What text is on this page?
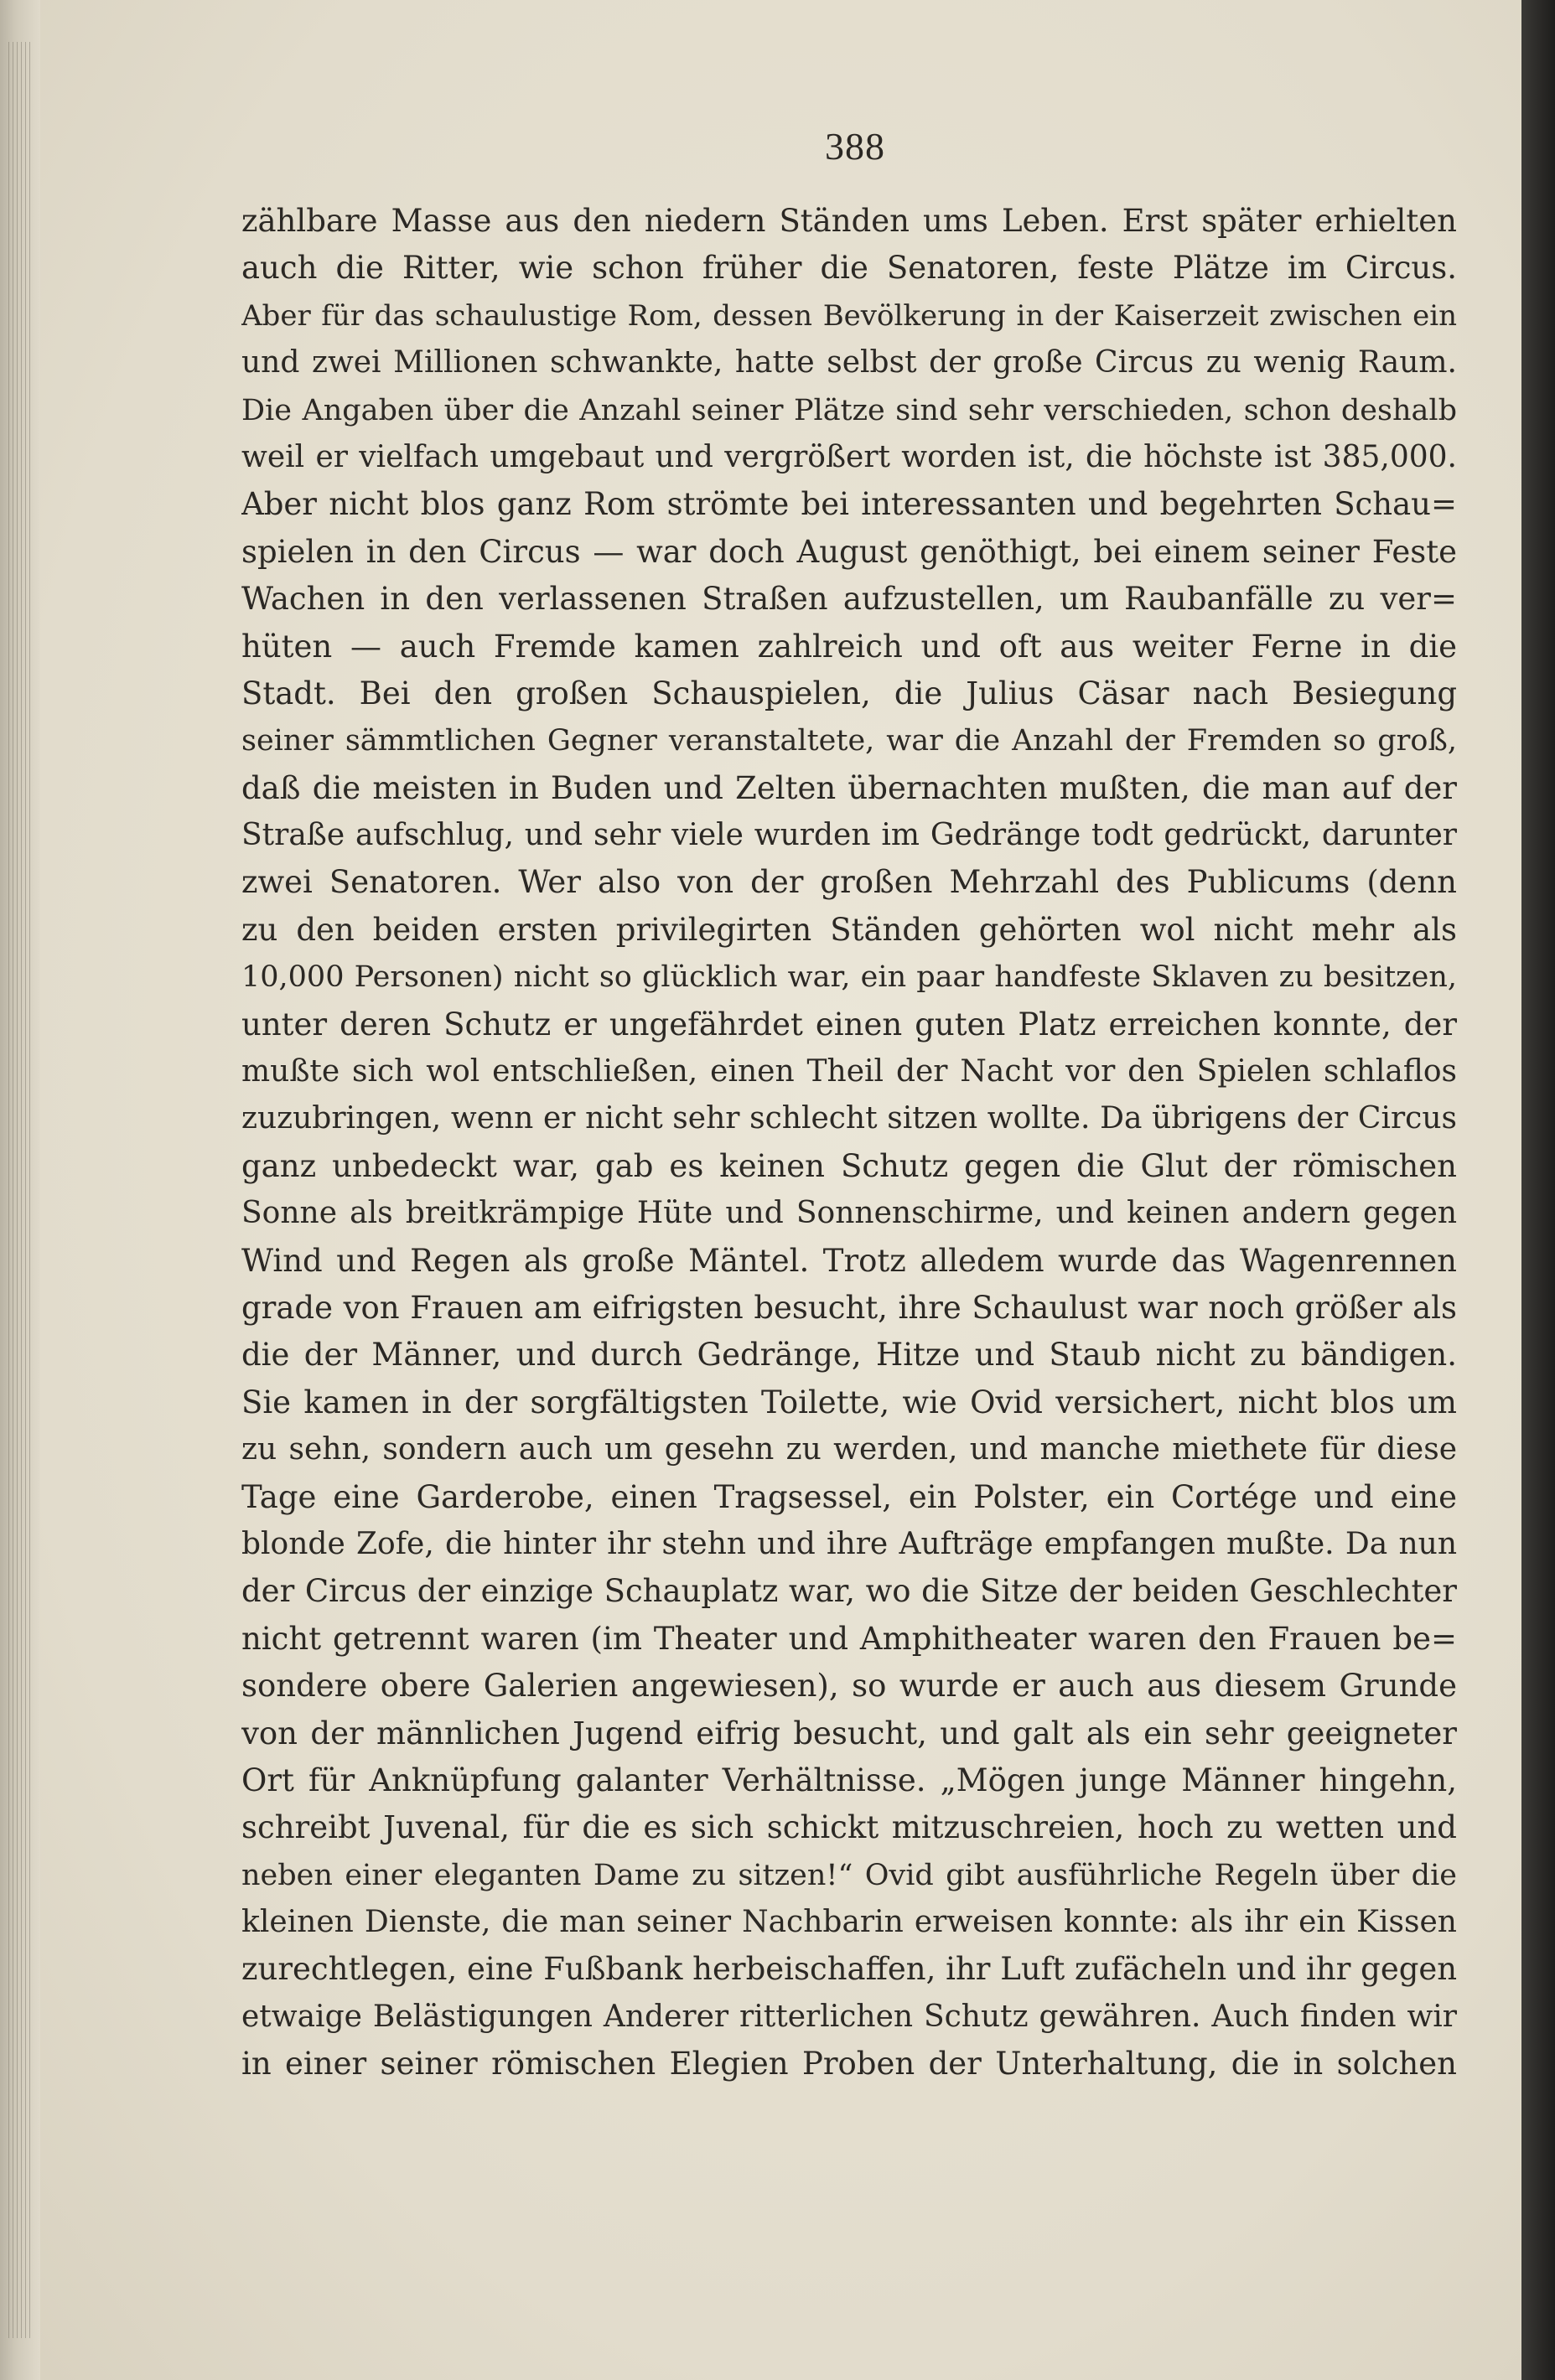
388
zählbare Masse aus den niedern Ständen ums Leben. Erst später erhielten
auch die Ritter, wie schon früher die Senatoren, feste Plätze im Circus.
Aber für das schaulustige Rom, dessen Bevölkerung in der Kaiserzeit zwischen ein
und zwei Millionen schwankte, hatte selbst der große Circus zu wenig Raum.
Die Angaben über die Anzahl seiner Plätze sind sehr verschieden, schon deshalb
weil er vielfach umgebaut und vergrößert worden ist, die höchste ist 385,000.
Aber nicht blos ganz Rom strömte bei interessanten und begehrten Schau=
spielen in den Circus — war doch August genöthigt, bei einem seiner Feste
Wachen in den verlassenen Straßen aufzustellen, um Raubanfälle zu ver=
hüten — auch Fremde kamen zahlreich und oft aus weiter Ferne in die
Stadt. Bei den großen Schauspielen, die Julius Cäsar nach Besiegung
seiner sämmtlichen Gegner veranstaltete, war die Anzahl der Fremden so groß,
daß die meisten in Buden und Zelten übernachten mußten, die man auf der
Straße aufschlug, und sehr viele wurden im Gedränge todt gedrückt, darunter
zwei Senatoren. Wer also von der großen Mehrzahl des Publicums (denn
zu den beiden ersten privilegirten Ständen gehörten wol nicht mehr als
10,000 Personen) nicht so glücklich war, ein paar handfeste Sklaven zu besitzen,
unter deren Schutz er ungefährdet einen guten Platz erreichen konnte, der
mußte sich wol entschließen, einen Theil der Nacht vor den Spielen schlaflos
zuzubringen, wenn er nicht sehr schlecht sitzen wollte. Da übrigens der Circus
ganz unbedeckt war, gab es keinen Schutz gegen die Glut der römischen
Sonne als breitkrämpige Hüte und Sonnenschirme, und keinen andern gegen
Wind und Regen als große Mäntel. Trotz alledem wurde das Wagenrennen
grade von Frauen am eifrigsten besucht, ihre Schaulust war noch größer als
die der Männer, und durch Gedränge, Hitze und Staub nicht zu bändigen.
Sie kamen in der sorgfältigsten Toilette, wie Ovid versichert, nicht blos um
zu sehn, sondern auch um gesehn zu werden, und manche miethete für diese
Tage eine Garderobe, einen Tragsessel, ein Polster, ein Cortége und eine
blonde Zofe, die hinter ihr stehn und ihre Aufträge empfangen mußte. Da nun
der Circus der einzige Schauplatz war, wo die Sitze der beiden Geschlechter
nicht getrennt waren (im Theater und Amphitheater waren den Frauen be=
sondere obere Galerien angewiesen), so wurde er auch aus diesem Grunde
von der männlichen Jugend eifrig besucht, und galt als ein sehr geeigneter
Ort für Anknüpfung galanter Verhältnisse. „Mögen junge Männer hingehn,
schreibt Juvenal, für die es sich schickt mitzuschreien, hoch zu wetten und
neben einer eleganten Dame zu sitzen!“ Ovid gibt ausführliche Regeln über die
kleinen Dienste, die man seiner Nachbarin erweisen konnte: als ihr ein Kissen
zurechtlegen, eine Fußbank herbeischaffen, ihr Luft zufächeln und ihr gegen
etwaige Belästigungen Anderer ritterlichen Schutz gewähren. Auch finden wir
in einer seiner römischen Elegien Proben der Unterhaltung, die in solchen
